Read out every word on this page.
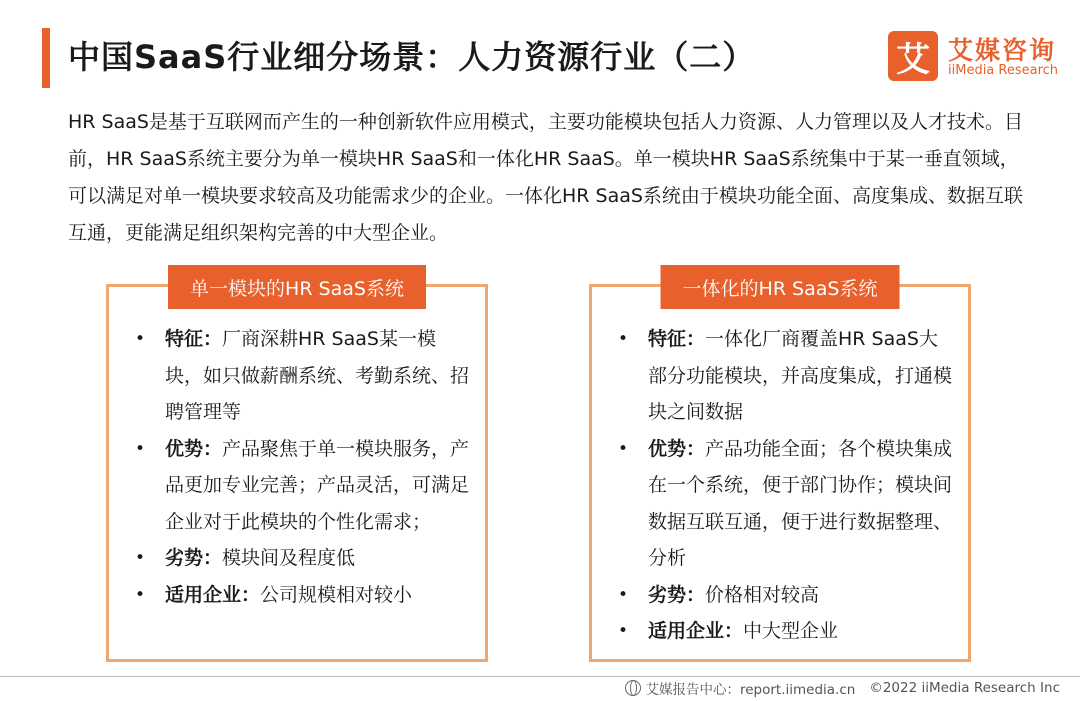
中国SaaS行业细分场景：人力资源行业（二）	艾 艾媒咨询
iiMedia Research

HR SaaS是基于互联网而产生的一种创新软件应用模式，主要功能模块包括人力资源、人力管理以及人才技术。目前，HR SaaS系统主要分为单一模块HR SaaS和一体化HR SaaS。单一模块HR SaaS系统集中于某一垂直领域，可以满足对单一模块要求较高及功能需求少的企业。一体化HR SaaS系统由于模块功能全面、高度集成、数据互联互通，更能满足组织架构完善的中大型企业。

单一模块的HR SaaS系统
• 特征：厂商深耕HR SaaS某一模块，如只做薪酬系统、考勤系统、招聘管理等
• 优势：产品聚焦于单一模块服务，产品更加专业完善；产品灵活，可满足企业对于此模块的个性化需求；
• 劣势：模块间及程度低
• 适用企业：公司规模相对较小
一体化的HR SaaS系统
• 特征：一体化厂商覆盖HR SaaS大部分功能模块，并高度集成，打通模块之间数据
• 优势：产品功能全面；各个模块集成在一个系统，便于部门协作；模块间数据互联互通，便于进行数据整理、分析
• 劣势：价格相对较高
• 适用企业：中大型企业
艾媒报告中心：report.iimedia.cn ©2022 iiMedia Research Inc
